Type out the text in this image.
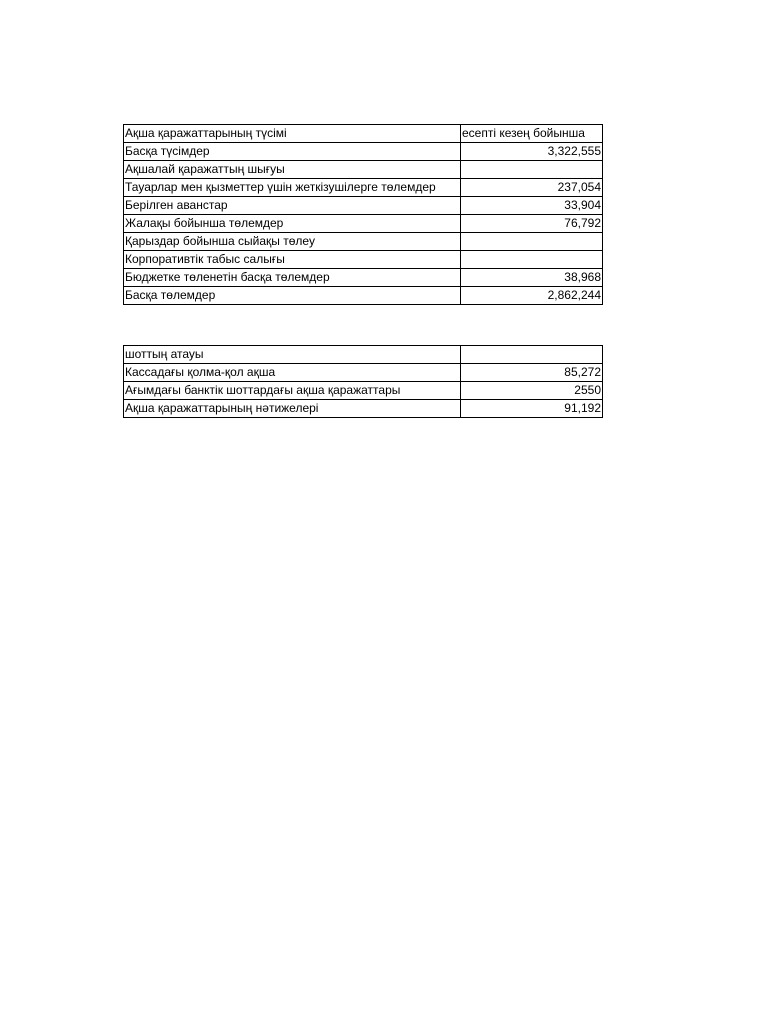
Ақша қаражаттарының түсімі	есепті кезең бойынша
Басқа түсімдер	3,322,555
Ақшалай қаражаттың шығуы	
Тауарлар мен қызметтер үшін жеткізушілерге төлемдер	237,054
Берілген аванстар	33,904
Жалақы бойынша төлемдер	76,792
Қарыздар бойынша сыйақы төлеу	
Корпоративтік табыс салығы	
Бюджетке төленетін басқа төлемдер	38,968
Басқа төлемдер	2,862,244
шоттың атауы	
Кассадағы қолма-қол ақша	85,272
Ағымдағы банктік шоттардағы ақша қаражаттары	2550
Ақша қаражаттарының нәтижелері	91,192
